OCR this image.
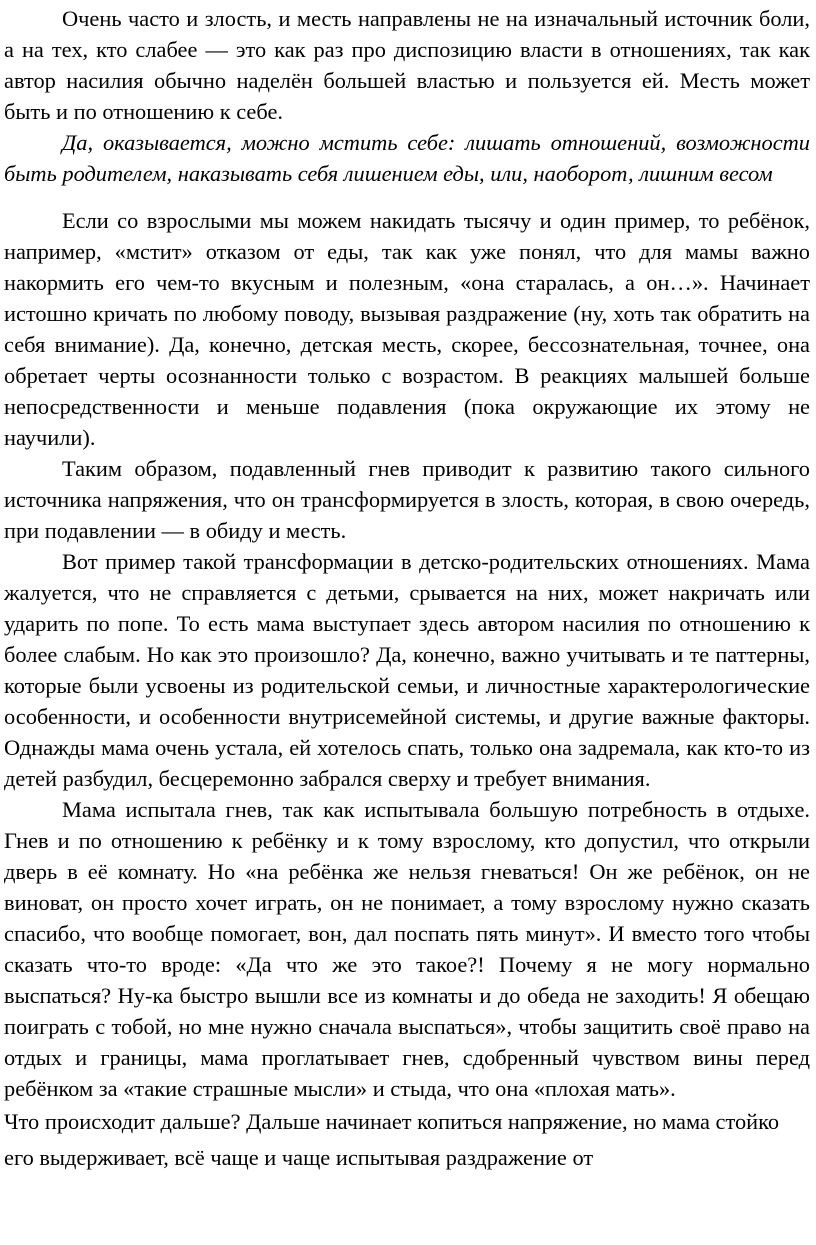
Очень часто и злость, и месть направлены не на изначальный источник боли, а на тех, кто слабее — это как раз про диспозицию власти в отношениях, так как автор насилия обычно наделён большей властью и пользуется ей. Месть может быть и по отношению к себе.

Да, оказывается, можно мстить себе: лишать отношений, возможности быть родителем, наказывать себя лишением еды, или, наоборот, лишним весом

Если со взрослыми мы можем накидать тысячу и один пример, то ребёнок, например, «мстит» отказом от еды, так как уже понял, что для мамы важно накормить его чем-то вкусным и полезным, «она старалась, а он…». Начинает истошно кричать по любому поводу, вызывая раздражение (ну, хоть так обратить на себя внимание). Да, конечно, детская месть, скорее, бессознательная, точнее, она обретает черты осознанности только с возрастом. В реакциях малышей больше непосредственности и меньше подавления (пока окружающие их этому не научили).

Таким образом, подавленный гнев приводит к развитию такого сильного источника напряжения, что он трансформируется в злость, которая, в свою очередь, при подавлении — в обиду и месть.

Вот пример такой трансформации в детско-родительских отношениях. Мама жалуется, что не справляется с детьми, срывается на них, может накричать или ударить по попе. То есть мама выступает здесь автором насилия по отношению к более слабым. Но как это произошло? Да, конечно, важно учитывать и те паттерны, которые были усвоены из родительской семьи, и личностные характерологические особенности, и особенности внутрисемейной системы, и другие важные факторы. Однажды мама очень устала, ей хотелось спать, только она задремала, как кто-то из детей разбудил, бесцеремонно забрался сверху и требует внимания.

Мама испытала гнев, так как испытывала большую потребность в отдыхе. Гнев и по отношению к ребёнку и к тому взрослому, кто допустил, что открыли дверь в её комнату. Но «на ребёнка же нельзя гневаться! Он же ребёнок, он не виноват, он просто хочет играть, он не понимает, а тому взрослому нужно сказать спасибо, что вообще помогает, вон, дал поспать пять минут». И вместо того чтобы сказать что-то вроде: «Да что же это такое?! Почему я не могу нормально выспаться? Ну-ка быстро вышли все из комнаты и до обеда не заходить! Я обещаю поиграть с тобой, но мне нужно сначала выспаться», чтобы защитить своё право на отдых и границы, мама проглатывает гнев, сдобренный чувством вины перед ребёнком за «такие страшные мысли» и стыда, что она «плохая мать».

Что происходит дальше? Дальше начинает копиться напряжение, но мама стойко его выдерживает, всё чаще и чаще испытывая раздражение от
